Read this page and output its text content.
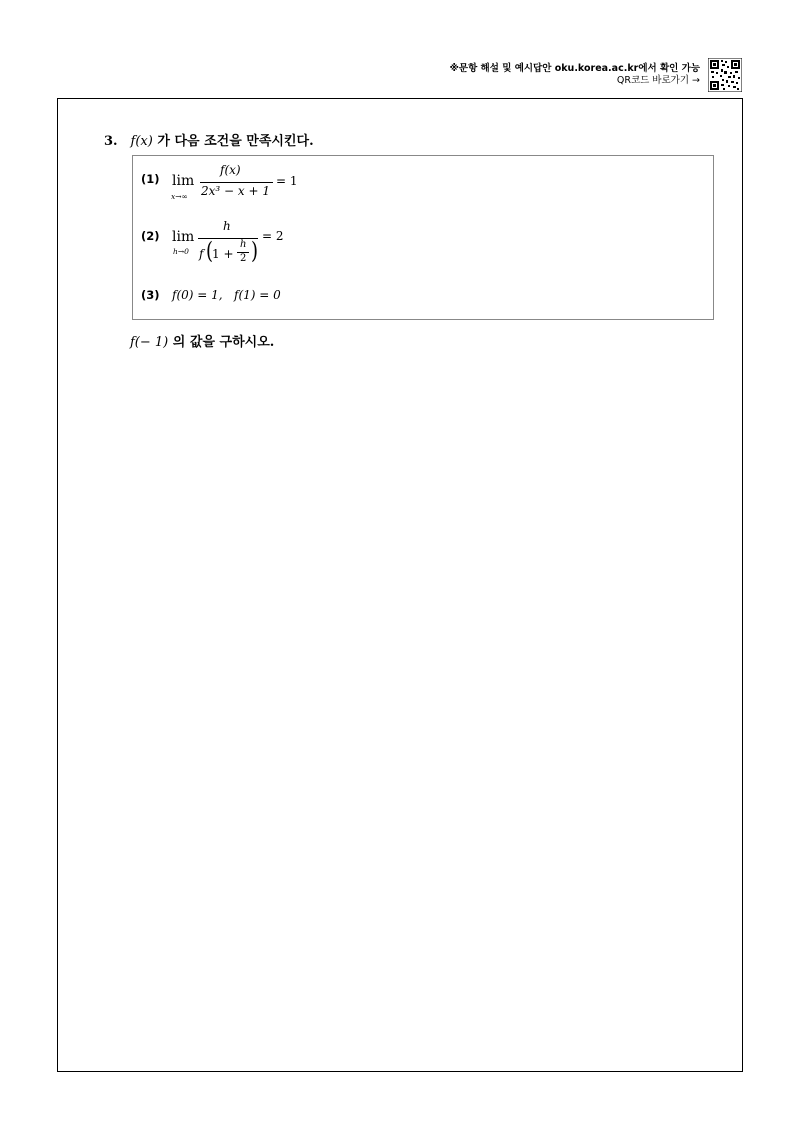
※문항 해설 및 예시답안 oku.korea.ac.kr에서 확인 가능
QR코드 바로가기 →
3. f(x) 가 다음 조건을 만족시킨다.
(1) lim
x→∞
f(x)
2x³ − x + 1
= 1
(2) lim
h→0
h
f (
1 +
h
2 )
= 2
(3) f(0) = 1,   f(1) = 0
f(− 1) 의 값을 구하시오.
